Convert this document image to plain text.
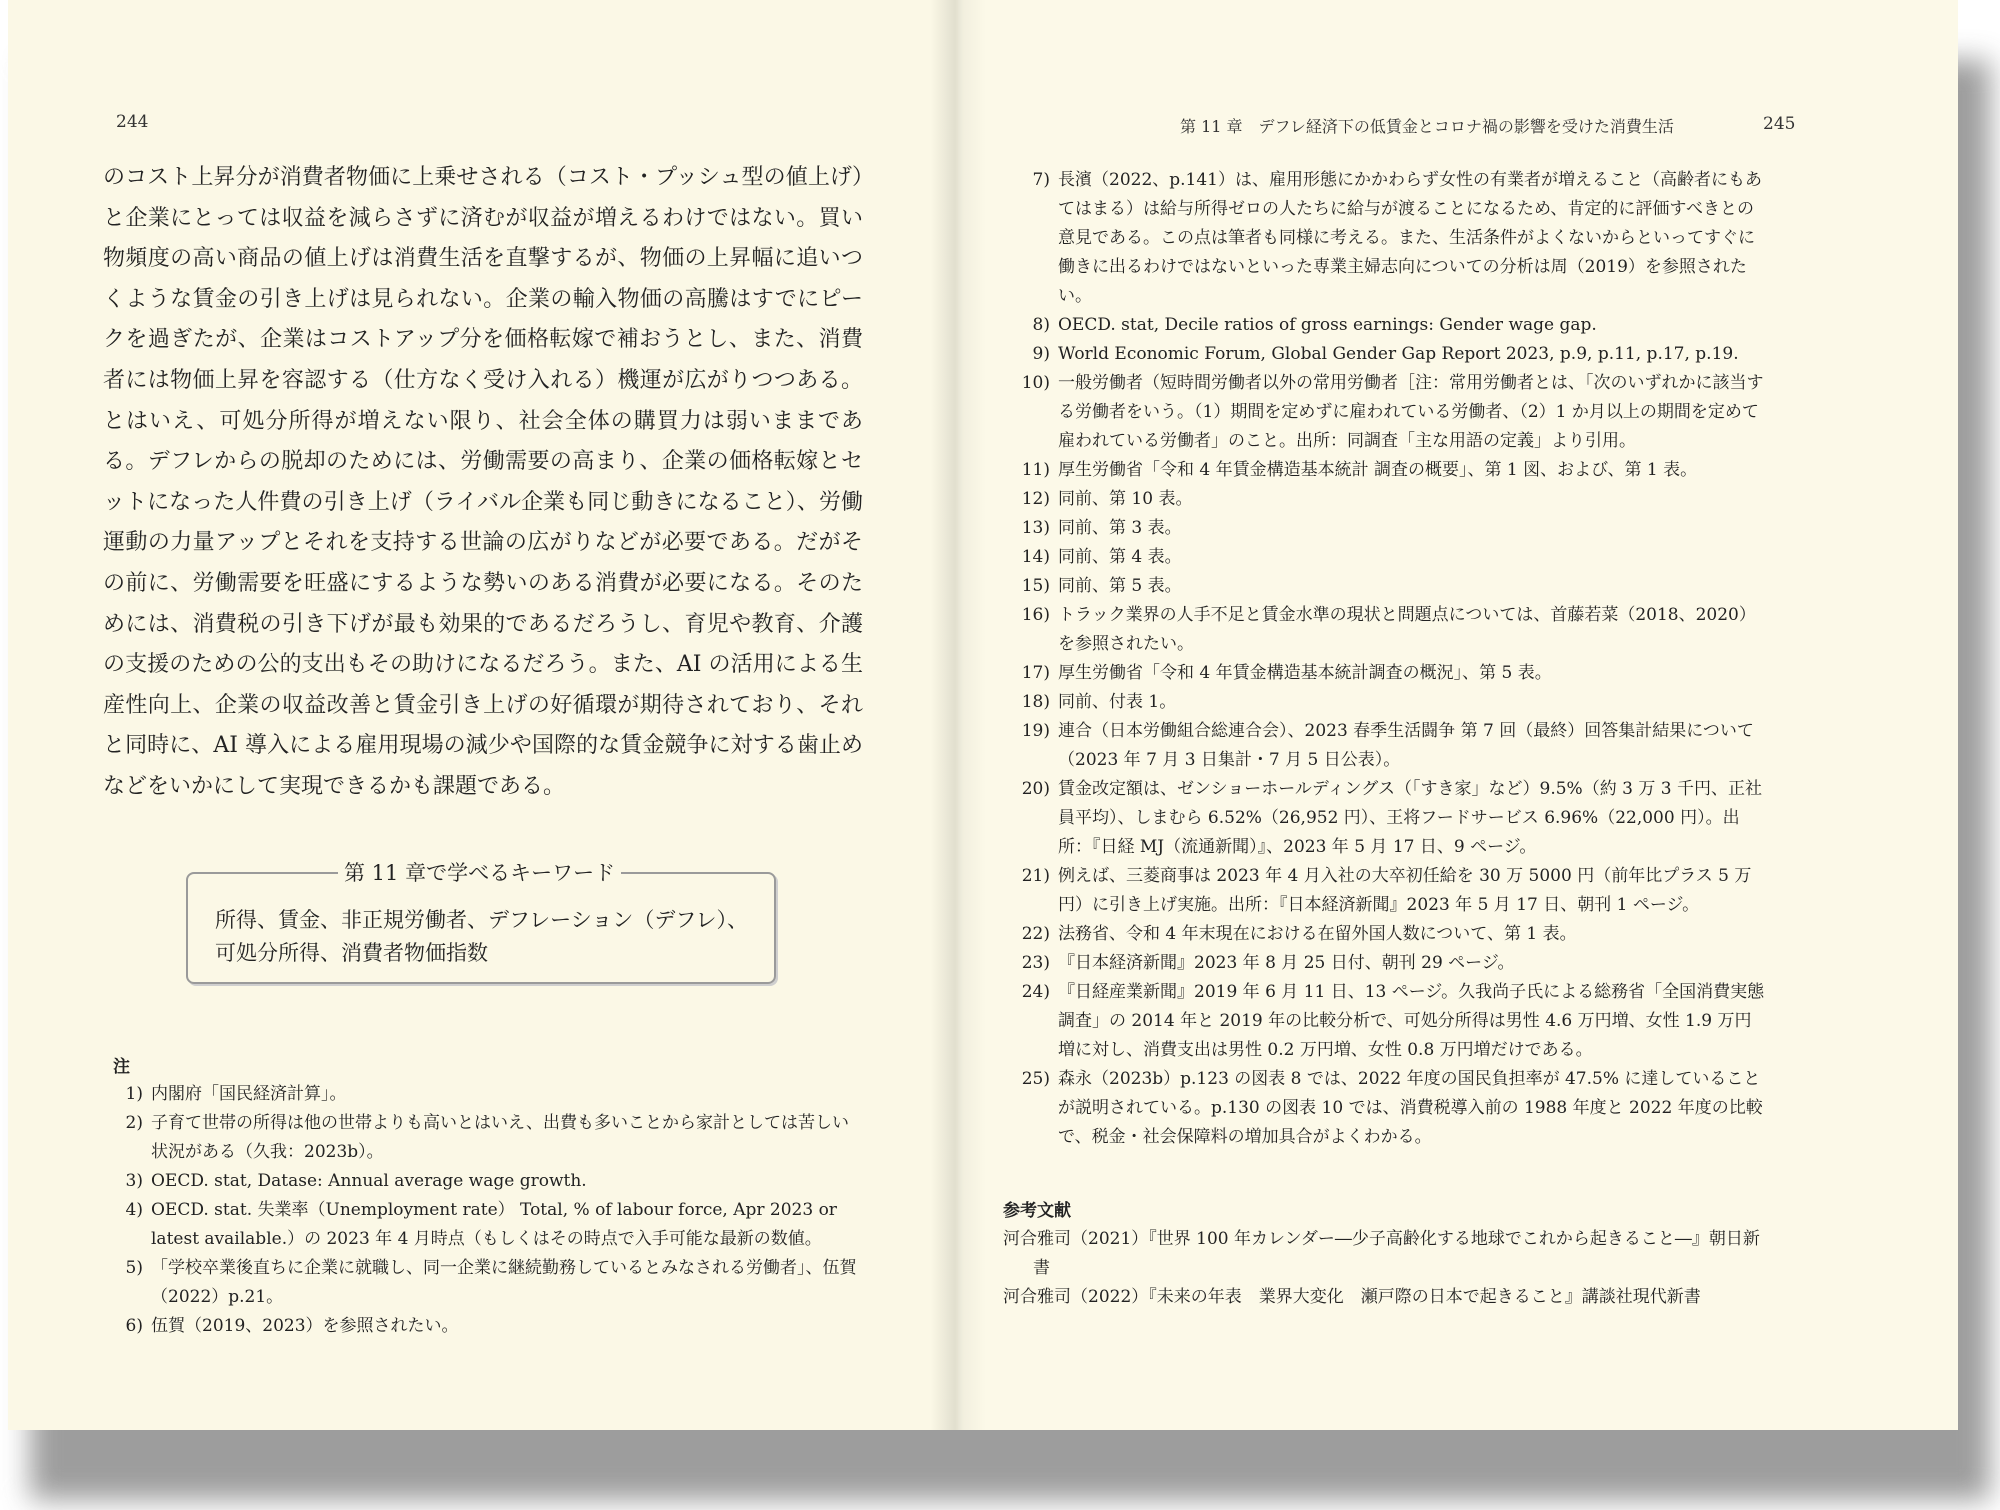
244

のコスト上昇分が消費者物価に上乗せされる（コスト・プッシュ型の値上げ）と企業にとっては収益を減らさずに済むが収益が増えるわけではない。買い物頻度の高い商品の値上げは消費生活を直撃するが、物価の上昇幅に追いつくような賃金の引き上げは見られない。企業の輸入物価の高騰はすでにピークを過ぎたが、企業はコストアップ分を価格転嫁で補おうとし、また、消費者には物価上昇を容認する（仕方なく受け入れる）機運が広がりつつある。とはいえ、可処分所得が増えない限り、社会全体の購買力は弱いままである。デフレからの脱却のためには、労働需要の高まり、企業の価格転嫁とセットになった人件費の引き上げ（ライバル企業も同じ動きになること）、労働運動の力量アップとそれを支持する世論の広がりなどが必要である。だがその前に、労働需要を旺盛にするような勢いのある消費が必要になる。そのためには、消費税の引き下げが最も効果的であるだろうし、育児や教育、介護の支援のための公的支出もその助けになるだろう。また、AI の活用による生産性向上、企業の収益改善と賃金引き上げの好循環が期待されており、それと同時に、AI 導入による雇用現場の減少や国際的な賃金競争に対する歯止めなどをいかにして実現できるかも課題である。

第 11 章で学べるキーワード
所得、賃金、非正規労働者、デフレーション（デフレ）、
可処分所得、消費者物価指数
注
1) 内閣府「国民経済計算」。
2) 子育て世帯の所得は他の世帯よりも高いとはいえ、出費も多いことから家計としては苦しい状況がある（久我：2023b）。
3) OECD. stat, Datase: Annual average wage growth.
4) OECD. stat. 失業率（Unemployment rate） Total, % of labour force, Apr 2023 or latest available.）の 2023 年 4 月時点（もしくはその時点で入手可能な最新の数値。
5) 「学校卒業後直ちに企業に就職し、同一企業に継続勤務しているとみなされる労働者」、伍賀（2022）p.21。
6) 伍賀（2019、2023）を参照されたい。
第 11 章　デフレ経済下の低賃金とコロナ禍の影響を受けた消費生活	245
7) 長濱（2022、p.141）は、雇用形態にかかわらず女性の有業者が増えること（高齢者にもあてはまる）は給与所得ゼロの人たちに給与が渡ることになるため、肯定的に評価すべきとの意見である。この点は筆者も同様に考える。また、生活条件がよくないからといってすぐに働きに出るわけではないといった専業主婦志向についての分析は周（2019）を参照されたい。
8) OECD. stat, Decile ratios of gross earnings: Gender wage gap.
9) World Economic Forum, Global Gender Gap Report 2023, p.9, p.11, p.17, p.19.
10) 一般労働者（短時間労働者以外の常用労働者［注：常用労働者とは、「次のいずれかに該当する労働者をいう。（1）期間を定めずに雇われている労働者、（2）1 か月以上の期間を定めて雇われている労働者」のこと。出所：同調査「主な用語の定義」より引用。
11) 厚生労働省「令和 4 年賃金構造基本統計 調査の概要」、第 1 図、および、第 1 表。
12) 同前、第 10 表。
13) 同前、第 3 表。
14) 同前、第 4 表。
15) 同前、第 5 表。
16) トラック業界の人手不足と賃金水準の現状と問題点については、首藤若菜（2018、2020）を参照されたい。
17) 厚生労働省「令和 4 年賃金構造基本統計調査の概況」、第 5 表。
18) 同前、付表 1。
19) 連合（日本労働組合総連合会）、2023 春季生活闘争 第 7 回（最終）回答集計結果について（2023 年 7 月 3 日集計・7 月 5 日公表）。
20) 賃金改定額は、ゼンショーホールディングス（「すき家」など）9.5%（約 3 万 3 千円、正社員平均）、しまむら 6.52%（26,952 円）、王将フードサービス 6.96%（22,000 円）。出所：『日経 MJ（流通新聞）』、2023 年 5 月 17 日、9 ページ。
21) 例えば、三菱商事は 2023 年 4 月入社の大卒初任給を 30 万 5000 円（前年比プラス 5 万円）に引き上げ実施。出所：『日本経済新聞』2023 年 5 月 17 日、朝刊 1 ページ。
22) 法務省、令和 4 年末現在における在留外国人数について、第 1 表。
23) 『日本経済新聞』2023 年 8 月 25 日付、朝刊 29 ページ。
24) 『日経産業新聞』2019 年 6 月 11 日、13 ページ。久我尚子氏による総務省「全国消費実態調査」の 2014 年と 2019 年の比較分析で、可処分所得は男性 4.6 万円増、女性 1.9 万円増に対し、消費支出は男性 0.2 万円増、女性 0.8 万円増だけである。
25) 森永（2023b）p.123 の図表 8 では、2022 年度の国民負担率が 47.5% に達していることが説明されている。p.130 の図表 10 では、消費税導入前の 1988 年度と 2022 年度の比較で、税金・社会保障料の増加具合がよくわかる。
参考文献
河合雅司（2021）『世界 100 年カレンダー―少子高齢化する地球でこれから起きること―』朝日新書
河合雅司（2022）『未来の年表　業界大変化　瀬戸際の日本で起きること』講談社現代新書
